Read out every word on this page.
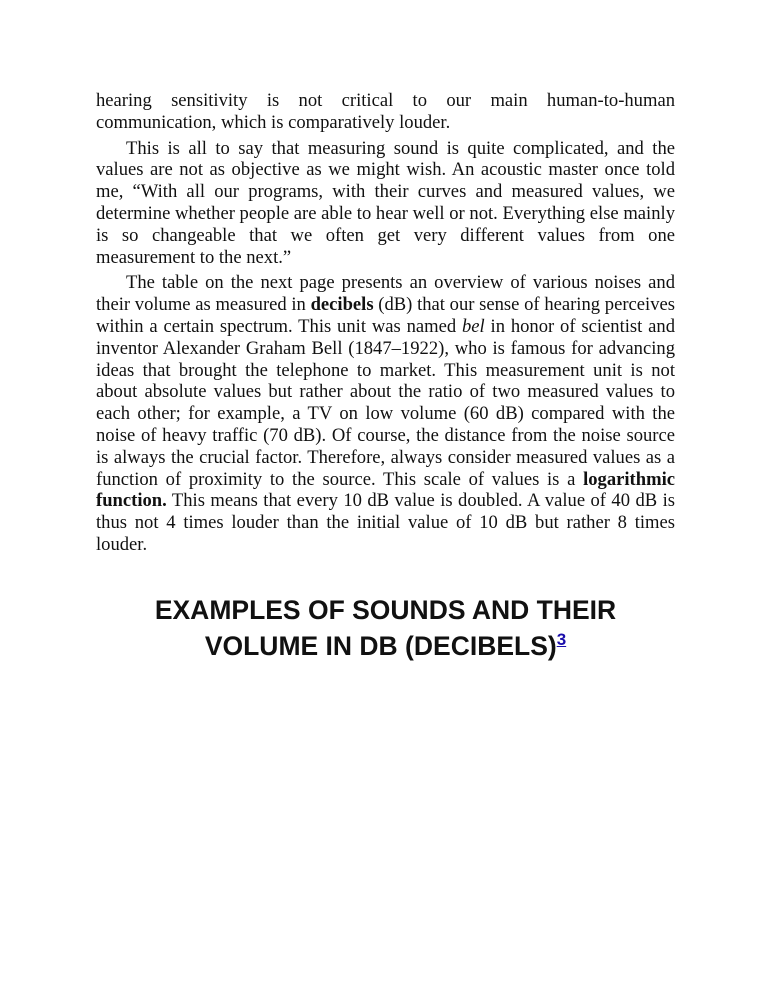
hearing sensitivity is not critical to our main human-to-human communication, which is comparatively louder.

This is all to say that measuring sound is quite complicated, and the values are not as objective as we might wish. An acoustic master once told me, “With all our programs, with their curves and measured values, we determine whether people are able to hear well or not. Everything else mainly is so changeable that we often get very different values from one measurement to the next.”

The table on the next page presents an overview of various noises and their volume as measured in decibels (dB) that our sense of hearing perceives within a certain spectrum. This unit was named bel in honor of scientist and inventor Alexander Graham Bell (1847–1922), who is famous for advancing ideas that brought the telephone to market. This measurement unit is not about absolute values but rather about the ratio of two measured values to each other; for example, a TV on low volume (60 dB) compared with the noise of heavy traffic (70 dB). Of course, the distance from the noise source is always the crucial factor. Therefore, always consider measured values as a function of proximity to the source. This scale of values is a logarithmic function. This means that every 10 dB value is doubled. A value of 40 dB is thus not 4 times louder than the initial value of 10 dB but rather 8 times louder.

EXAMPLES OF SOUNDS AND THEIR
VOLUME IN DB (DECIBELS)$^3$
